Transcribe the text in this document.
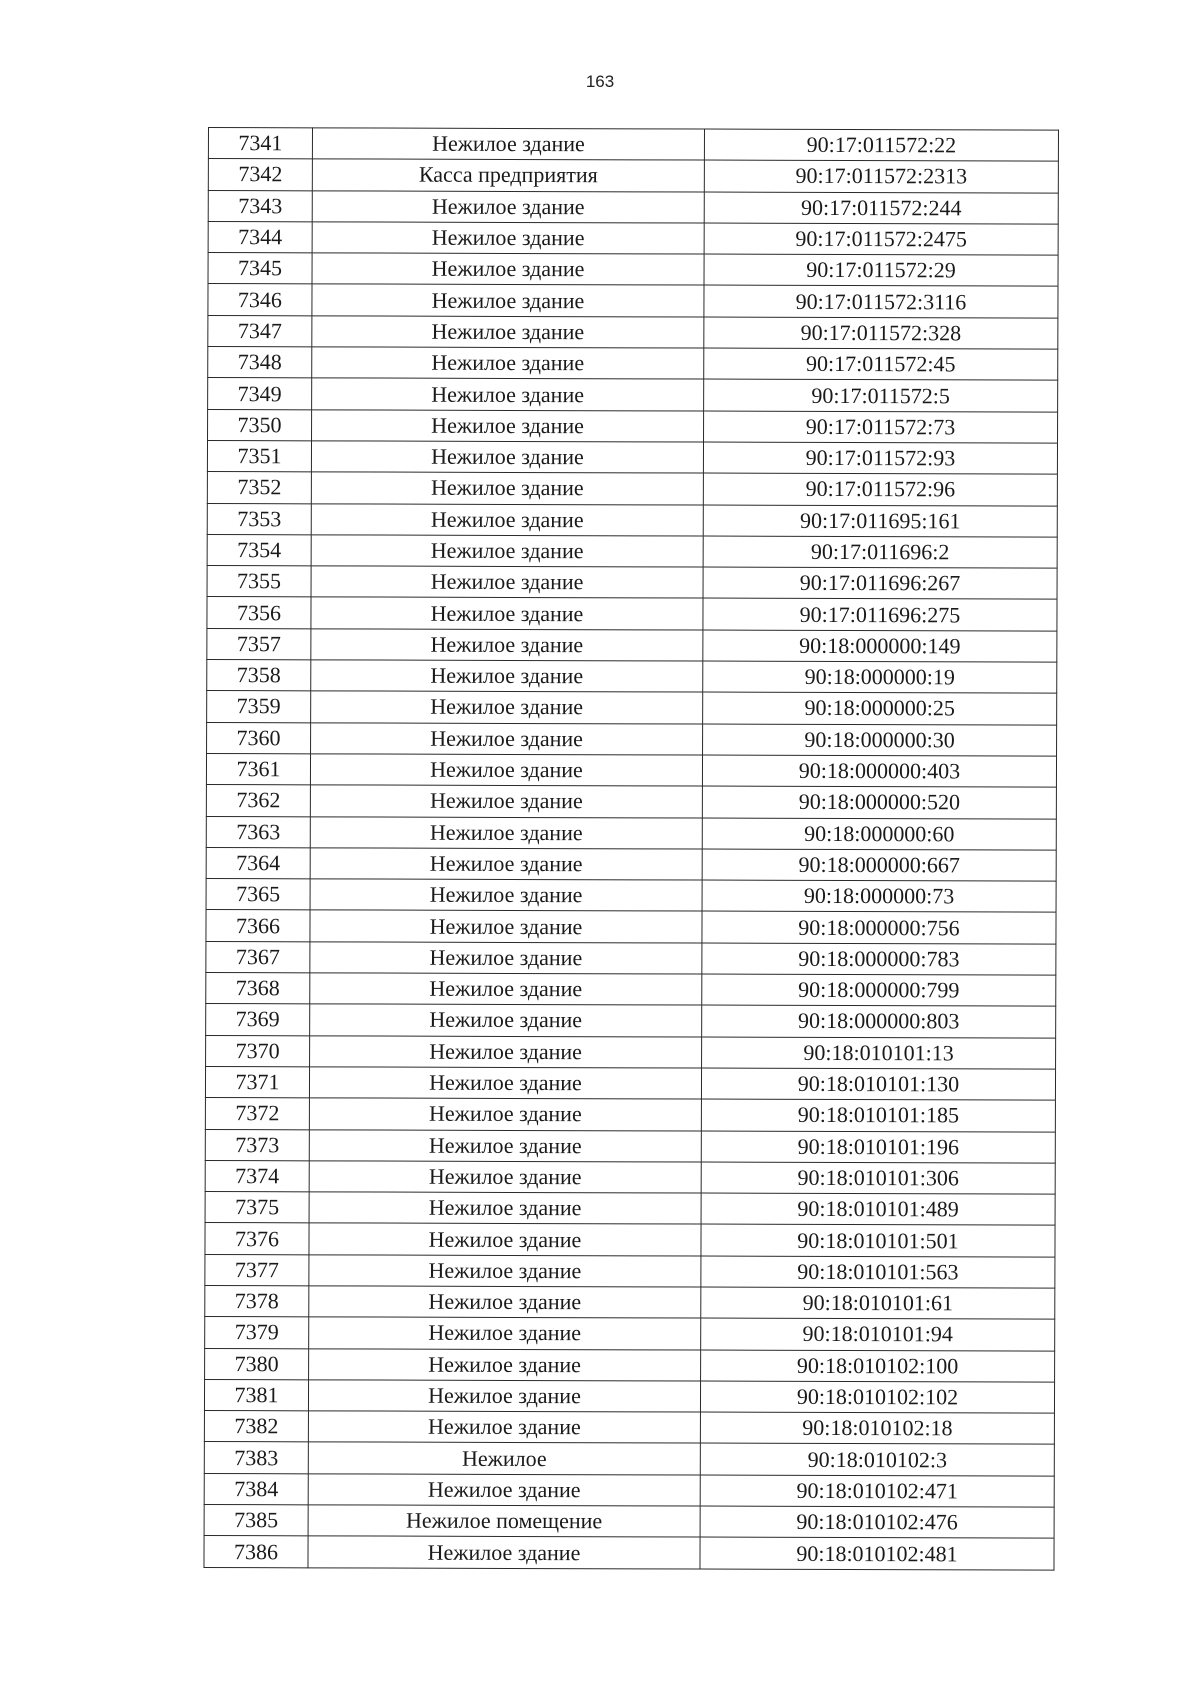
163
7341	Нежилое здание	90:17:011572:22
7342	Касса предприятия	90:17:011572:2313
7343	Нежилое здание	90:17:011572:244
7344	Нежилое здание	90:17:011572:2475
7345	Нежилое здание	90:17:011572:29
7346	Нежилое здание	90:17:011572:3116
7347	Нежилое здание	90:17:011572:328
7348	Нежилое здание	90:17:011572:45
7349	Нежилое здание	90:17:011572:5
7350	Нежилое здание	90:17:011572:73
7351	Нежилое здание	90:17:011572:93
7352	Нежилое здание	90:17:011572:96
7353	Нежилое здание	90:17:011695:161
7354	Нежилое здание	90:17:011696:2
7355	Нежилое здание	90:17:011696:267
7356	Нежилое здание	90:17:011696:275
7357	Нежилое здание	90:18:000000:149
7358	Нежилое здание	90:18:000000:19
7359	Нежилое здание	90:18:000000:25
7360	Нежилое здание	90:18:000000:30
7361	Нежилое здание	90:18:000000:403
7362	Нежилое здание	90:18:000000:520
7363	Нежилое здание	90:18:000000:60
7364	Нежилое здание	90:18:000000:667
7365	Нежилое здание	90:18:000000:73
7366	Нежилое здание	90:18:000000:756
7367	Нежилое здание	90:18:000000:783
7368	Нежилое здание	90:18:000000:799
7369	Нежилое здание	90:18:000000:803
7370	Нежилое здание	90:18:010101:13
7371	Нежилое здание	90:18:010101:130
7372	Нежилое здание	90:18:010101:185
7373	Нежилое здание	90:18:010101:196
7374	Нежилое здание	90:18:010101:306
7375	Нежилое здание	90:18:010101:489
7376	Нежилое здание	90:18:010101:501
7377	Нежилое здание	90:18:010101:563
7378	Нежилое здание	90:18:010101:61
7379	Нежилое здание	90:18:010101:94
7380	Нежилое здание	90:18:010102:100
7381	Нежилое здание	90:18:010102:102
7382	Нежилое здание	90:18:010102:18
7383	Нежилое	90:18:010102:3
7384	Нежилое здание	90:18:010102:471
7385	Нежилое помещение	90:18:010102:476
7386	Нежилое здание	90:18:010102:481
